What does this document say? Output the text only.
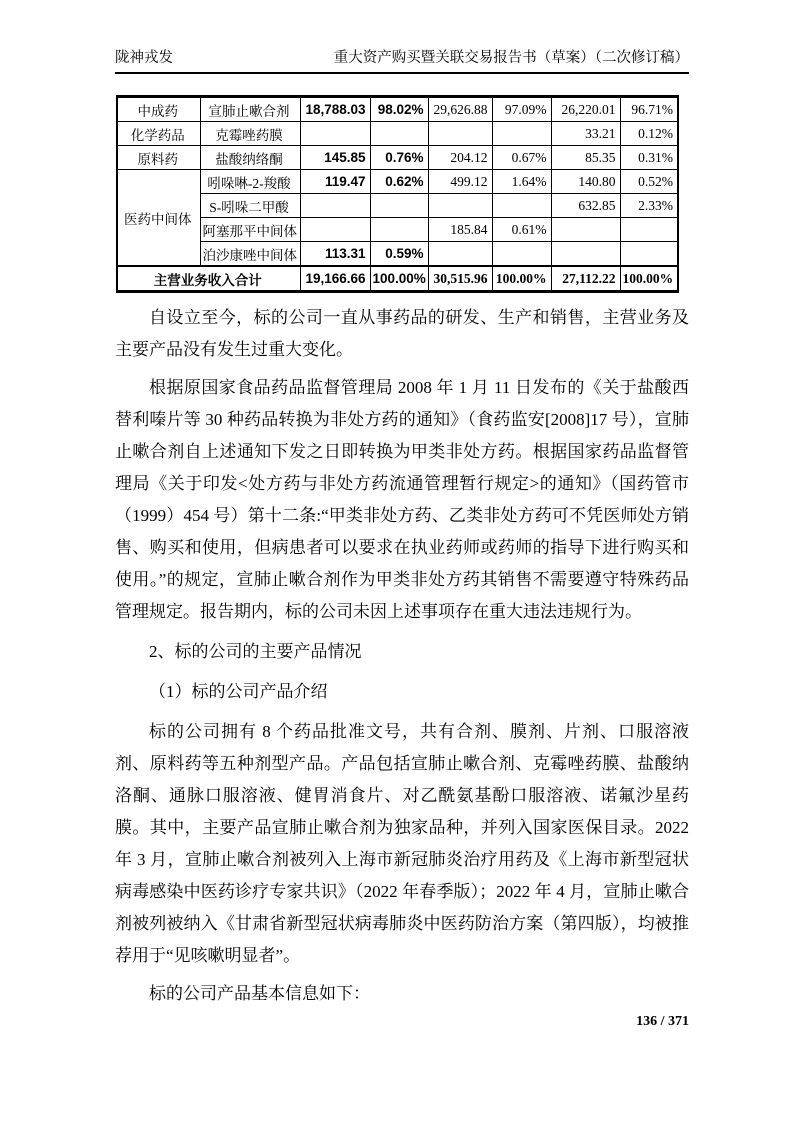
陇神戎发	重大资产购买暨关联交易报告书（草案）（二次修订稿）
中成药	宣肺止嗽合剂	18,788.03	98.02%	29,626.88	97.09%	26,220.01	96.71%
化学药品	克霉唑药膜					33.21	0.12%
原料药	盐酸纳络酮	145.85	0.76%	204.12	0.67%	85.35	0.31%
医药中间体	吲哚啉-2-羧酸	119.47	0.62%	499.12	1.64%	140.80	0.52%
	S-吲哚二甲酸					632.85	2.33%
	阿塞那平中间体			185.84	0.61%		
	泊沙康唑中间体	113.31	0.59%				
主营业务收入合计		19,166.66	100.00%	30,515.96	100.00%	27,112.22	100.00%

自设立至今，标的公司一直从事药品的研发、生产和销售，主营业务及主要产品没有发生过重大变化。

根据原国家食品药品监督管理局 2008 年 1 月 11 日发布的《关于盐酸西替利嗪片等 30 种药品转换为非处方药的通知》（食药监安[2008]17 号），宣肺止嗽合剂自上述通知下发之日即转换为甲类非处方药。根据国家药品监督管理局《关于印发<处方药与非处方药流通管理暂行规定>的通知》（国药管市（1999）454 号）第十二条:“甲类非处方药、乙类非处方药可不凭医师处方销售、购买和使用，但病患者可以要求在执业药师或药师的指导下进行购买和使用。”的规定，宣肺止嗽合剂作为甲类非处方药其销售不需要遵守特殊药品管理规定。报告期内，标的公司未因上述事项存在重大违法违规行为。

2、标的公司的主要产品情况

（1）标的公司产品介绍

标的公司拥有 8 个药品批准文号，共有合剂、膜剂、片剂、口服溶液剂、原料药等五种剂型产品。产品包括宣肺止嗽合剂、克霉唑药膜、盐酸纳洛酮、通脉口服溶液、健胃消食片、对乙酰氨基酚口服溶液、诺氟沙星药膜。其中，主要产品宣肺止嗽合剂为独家品种，并列入国家医保目录。2022 年 3 月，宣肺止嗽合剂被列入上海市新冠肺炎治疗用药及《上海市新型冠状病毒感染中医药诊疗专家共识》（2022 年春季版）；2022 年 4 月，宣肺止嗽合剂被列被纳入《甘肃省新型冠状病毒肺炎中医药防治方案（第四版），均被推荐用于“见咳嗽明显者”。

标的公司产品基本信息如下：

136 / 371
